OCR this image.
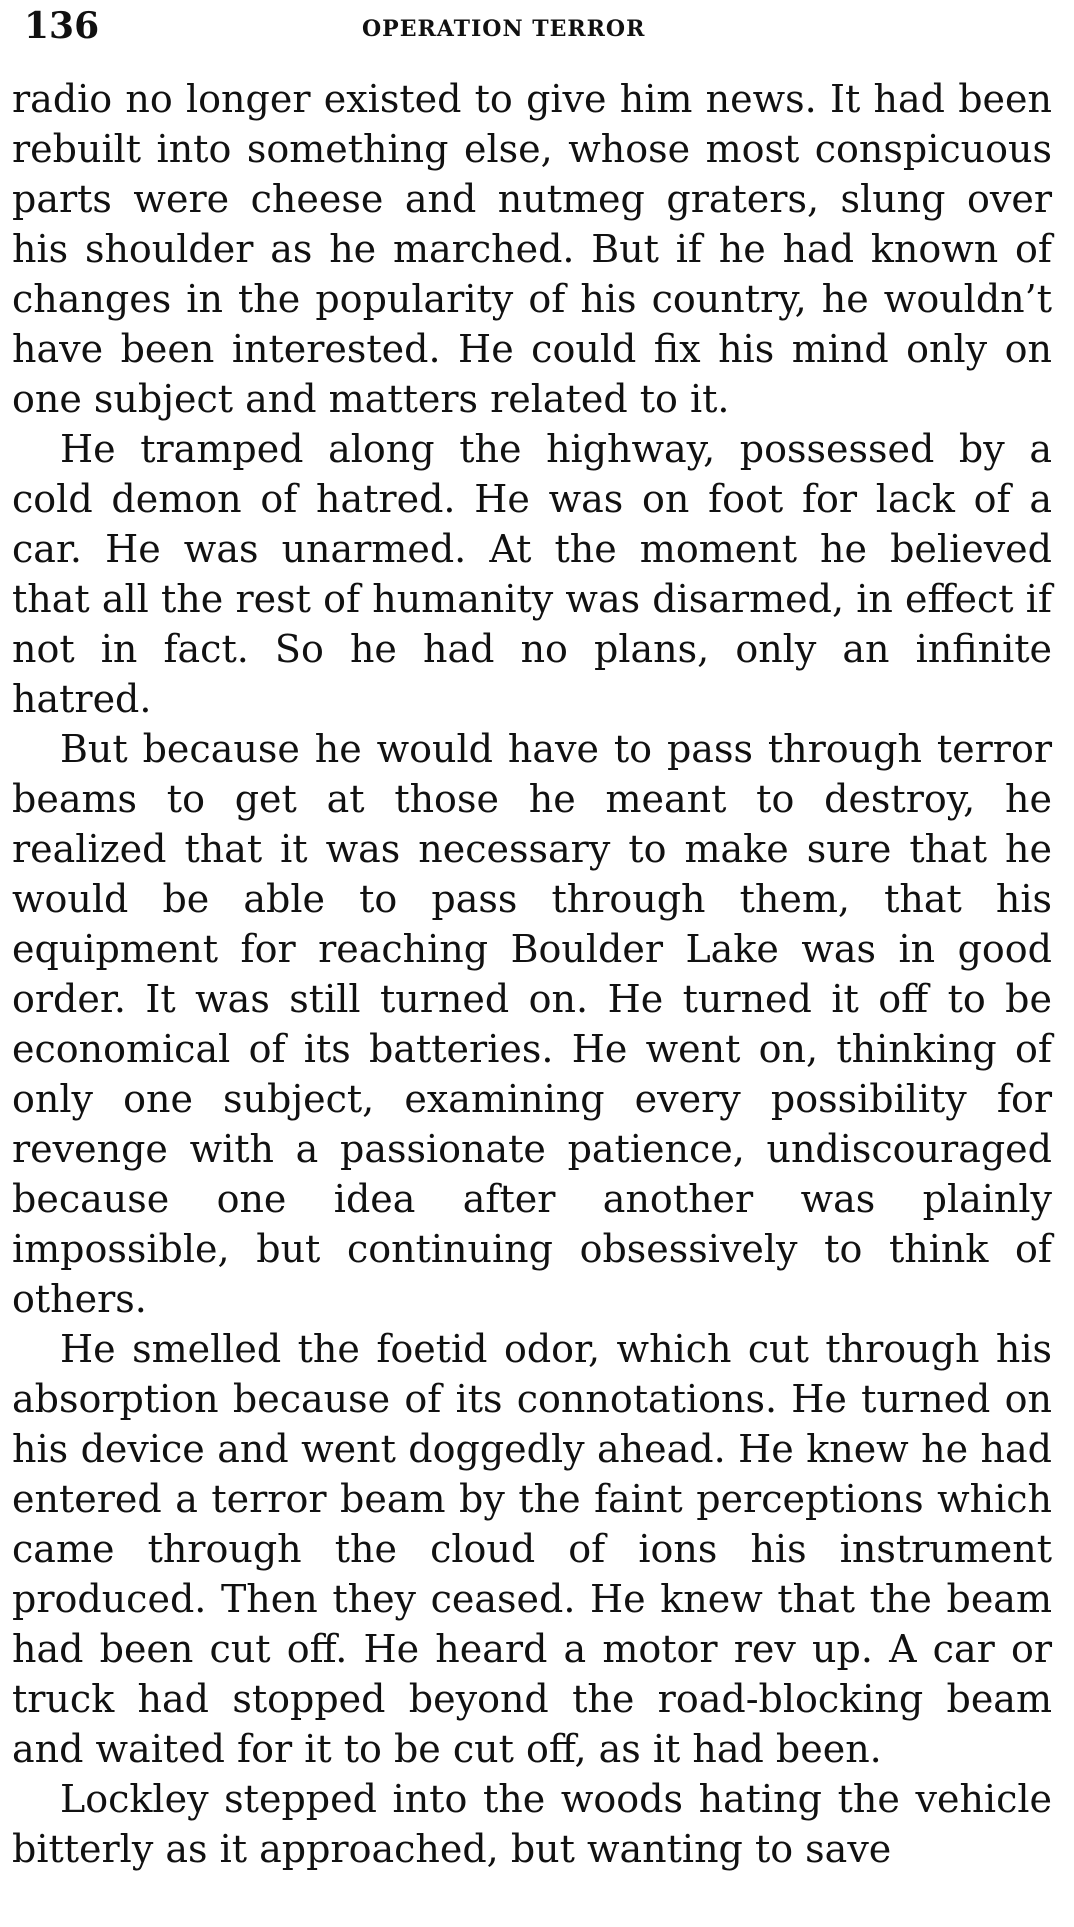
136	OPERATION TERROR

radio no longer existed to give him news. It had been rebuilt into something else, whose most conspicuous parts were cheese and nutmeg graters, slung over his shoulder as he marched. But if he had known of changes in the popularity of his country, he wouldn’t have been interested. He could fix his mind only on one subject and matters related to it.

He tramped along the highway, possessed by a cold demon of hatred. He was on foot for lack of a car. He was unarmed. At the moment he believed that all the rest of humanity was disarmed, in effect if not in fact. So he had no plans, only an infinite hatred.

But because he would have to pass through terror beams to get at those he meant to destroy, he realized that it was necessary to make sure that he would be able to pass through them, that his equipment for reaching Boulder Lake was in good order. It was still turned on. He turned it off to be economical of its batteries. He went on, thinking of only one subject, examining every possibility for revenge with a passionate patience, undiscouraged because one idea after another was plainly impossible, but continuing obsessively to think of others.

He smelled the foetid odor, which cut through his absorption because of its connotations. He turned on his device and went doggedly ahead. He knew he had entered a terror beam by the faint perceptions which came through the cloud of ions his instrument produced. Then they ceased. He knew that the beam had been cut off. He heard a motor rev up. A car or truck had stopped beyond the road-blocking beam and waited for it to be cut off, as it had been.

Lockley stepped into the woods hating the vehicle bitterly as it approached, but wanting to save
